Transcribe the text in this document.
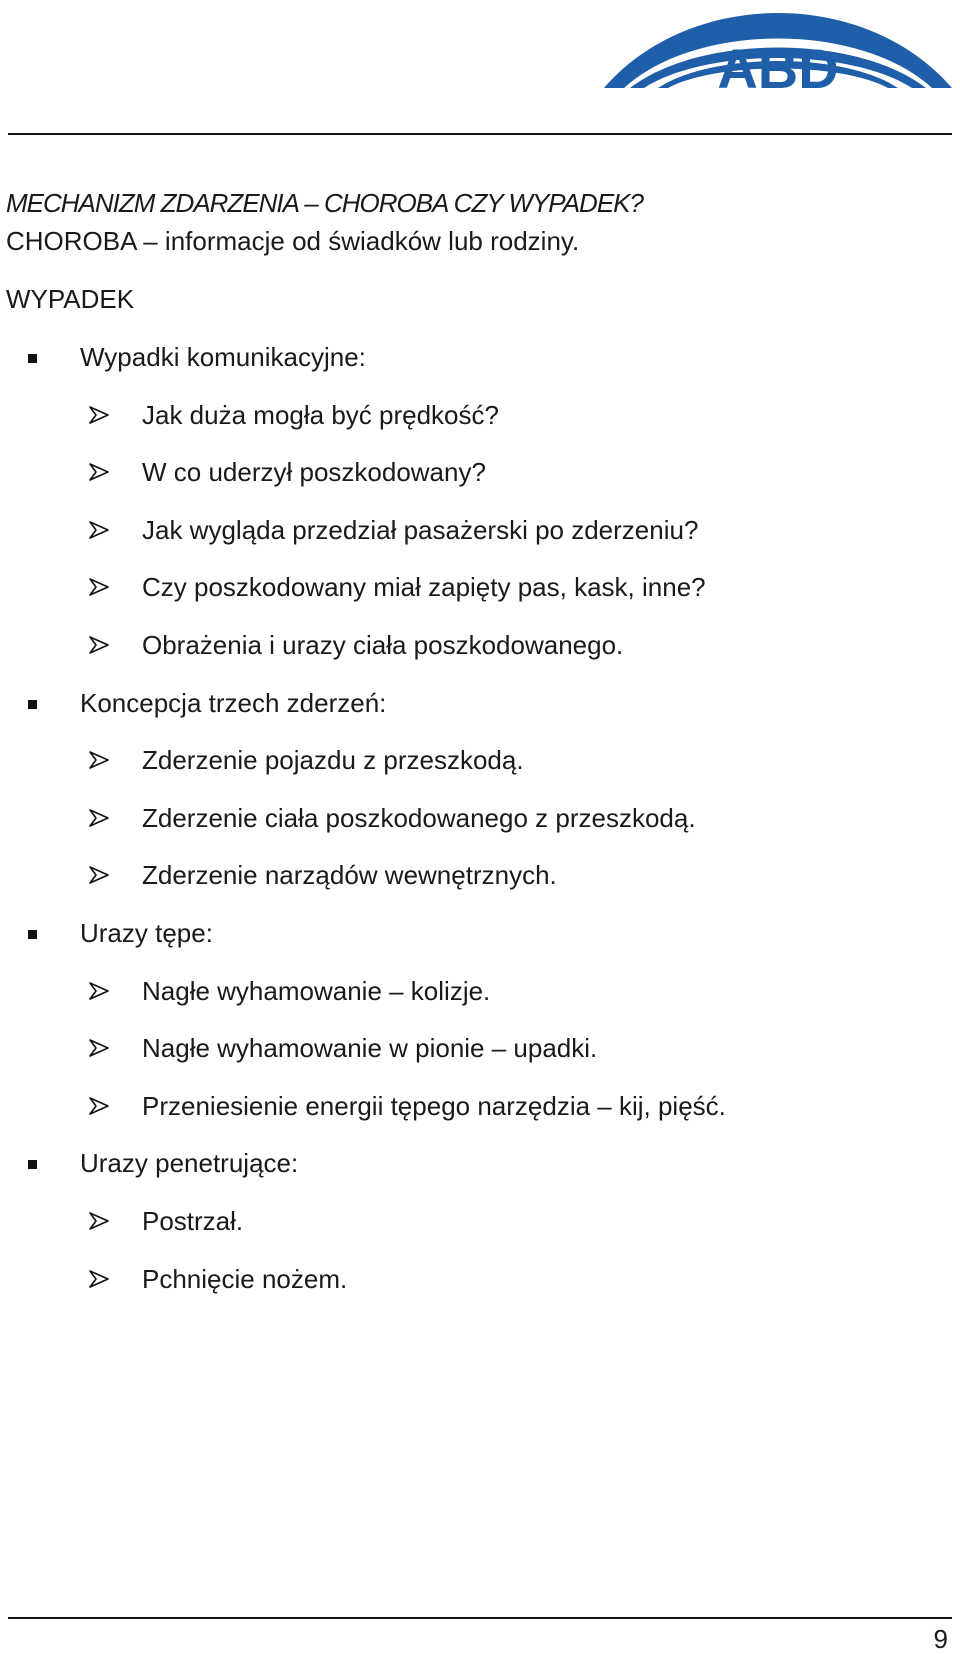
ABD
MECHANIZM ZDARZENIA – CHOROBA CZY WYPADEK?
CHOROBA – informacje od świadków lub rodziny.
WYPADEK
Wypadki komunikacyjne:
Jak duża mogła być prędkość?
W co uderzył poszkodowany?
Jak wygląda przedział pasażerski po zderzeniu?
Czy poszkodowany miał zapięty pas, kask, inne?
Obrażenia i urazy ciała poszkodowanego.
Koncepcja trzech zderzeń:
Zderzenie pojazdu z przeszkodą.
Zderzenie ciała poszkodowanego z przeszkodą.
Zderzenie narządów wewnętrznych.
Urazy tępe:
Nagłe wyhamowanie – kolizje.
Nagłe wyhamowanie w pionie – upadki.
Przeniesienie energii tępego narzędzia – kij, pięść.
Urazy penetrujące:
Postrzał.
Pchnięcie nożem.
9
